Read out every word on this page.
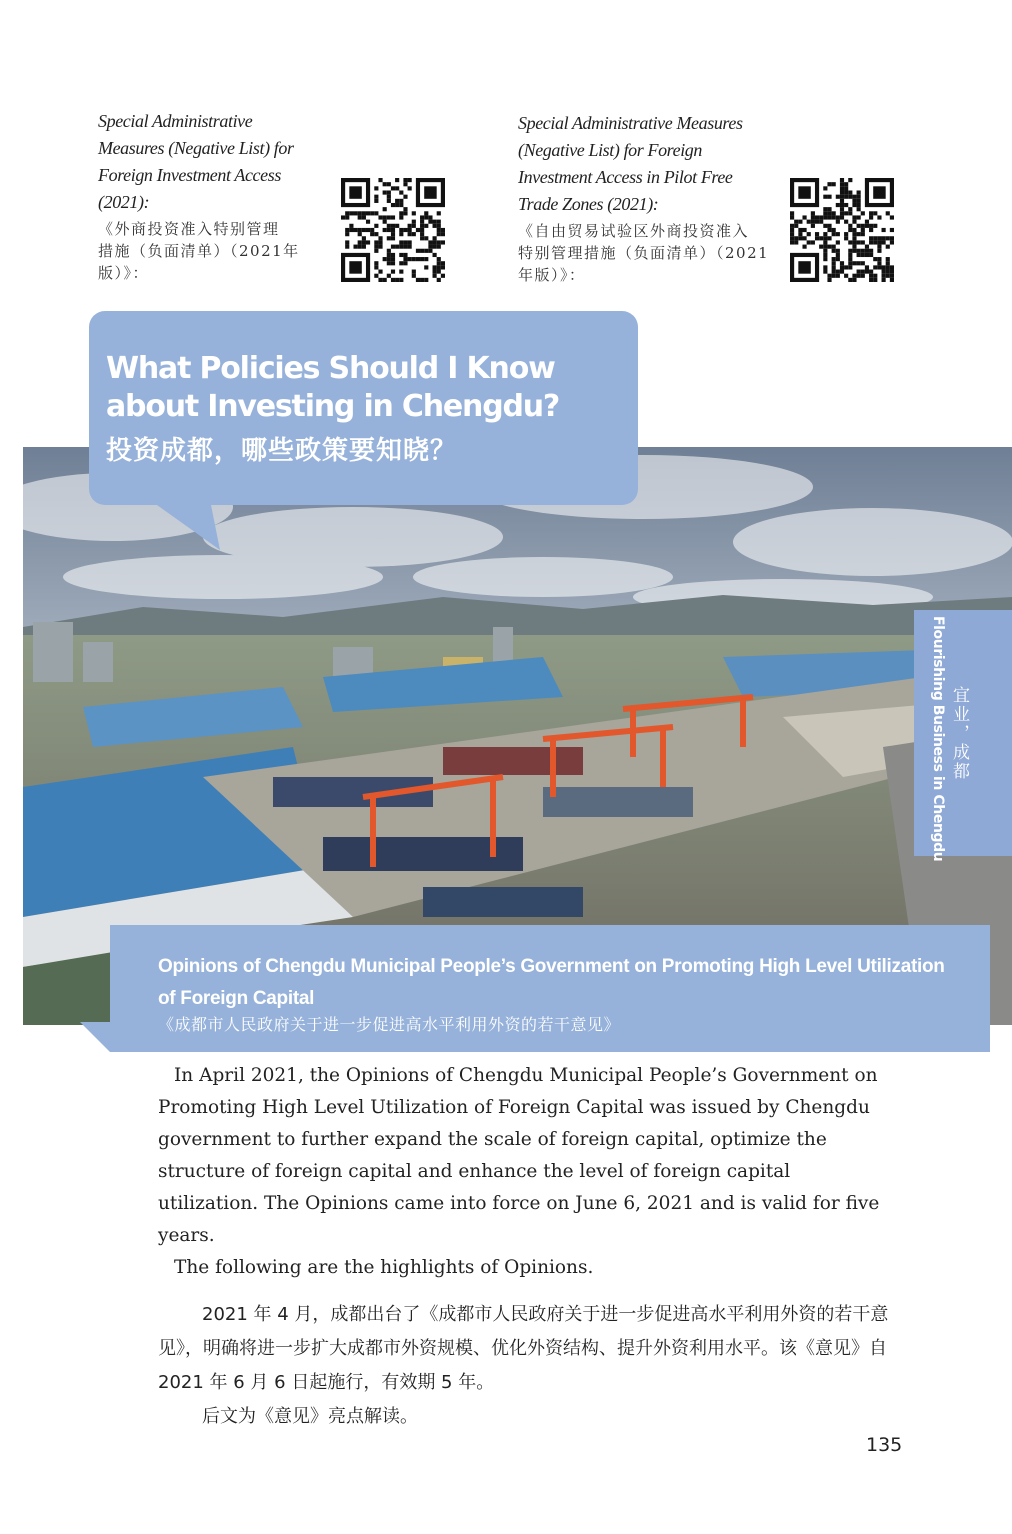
Special Administrative
Measures (Negative List) for
Foreign Investment Access
(2021):
《外商投资准入特别管理
措施（负面清单）（2021年
版）》：
Special Administrative Measures
(Negative List) for Foreign
Investment Access in Pilot Free
Trade Zones (2021):
《自由贸易试验区外商投资准入
特别管理措施（负面清单）（2021
年版）》：
What Policies Should I Know about Investing in Chengdu?
投资成都，哪些政策要知晓？
Flourishing Business in Chengdu 宜业，成都
Opinions of Chengdu Municipal People’s Government on Promoting High Level Utilization of Foreign Capital
《成都市人民政府关于进一步促进高水平利用外资的若干意见》

In April 2021, the Opinions of Chengdu Municipal People’s Government on Promoting High Level Utilization of Foreign Capital was issued by Chengdu government to further expand the scale of foreign capital, optimize the structure of foreign capital and enhance the level of foreign capital utilization. The Opinions came into force on June 6, 2021 and is valid for five years.

The following are the highlights of Opinions.

2021 年 4 月，成都出台了《成都市人民政府关于进一步促进高水平利用外资的若干意见》，明确将进一步扩大成都市外资规模、优化外资结构、提升外资利用水平。该《意见》自 2021 年 6 月 6 日起施行，有效期 5 年。

后文为《意见》亮点解读。

135
